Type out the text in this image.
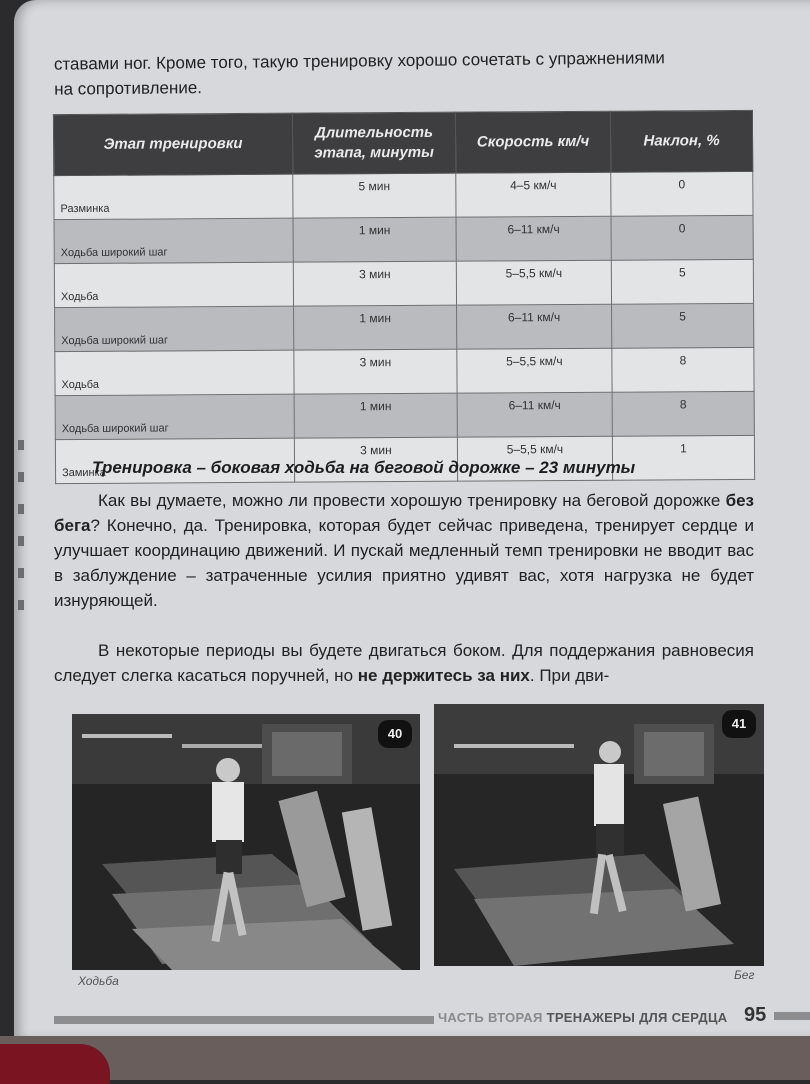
ставами ног. Кроме того, такую тренировку хорошо сочетать с упражнениями
на сопротивление.
Этап тренировки	Длительность этапа, минуты	Скорость км/ч	Наклон, %
Разминка	5 мин	4–5 км/ч	0
Ходьба широкий шаг	1 мин	6–11 км/ч	0
Ходьба	3 мин	5–5,5 км/ч	5
Ходьба широкий шаг	1 мин	6–11 км/ч	5
Ходьба	3 мин	5–5,5 км/ч	8
Ходьба широкий шаг	1 мин	6–11 км/ч	8
Заминка	3 мин	5–5,5 км/ч	1
Тренировка – боковая ходьба на беговой дорожке – 23 минуты
Как вы думаете, можно ли провести хорошую тренировку на беговой дорожке без бега? Конечно, да. Тренировка, которая будет сейчас приведена, тренирует сердце и улучшает координацию движений. И пускай медленный темп тренировки не вводит вас в заблуждение – затраченные усилия приятно удивят вас, хотя нагрузка не будет изнуряющей.
В некоторые периоды вы будете двигаться боком. Для поддержания равновесия следует слегка касаться поручней, но не держитесь за них. При дви-
40
41
Ходьба	Бег
ЧАСТЬ ВТОРАЯ ТРЕНАЖЕРЫ ДЛЯ СЕРДЦА 95
